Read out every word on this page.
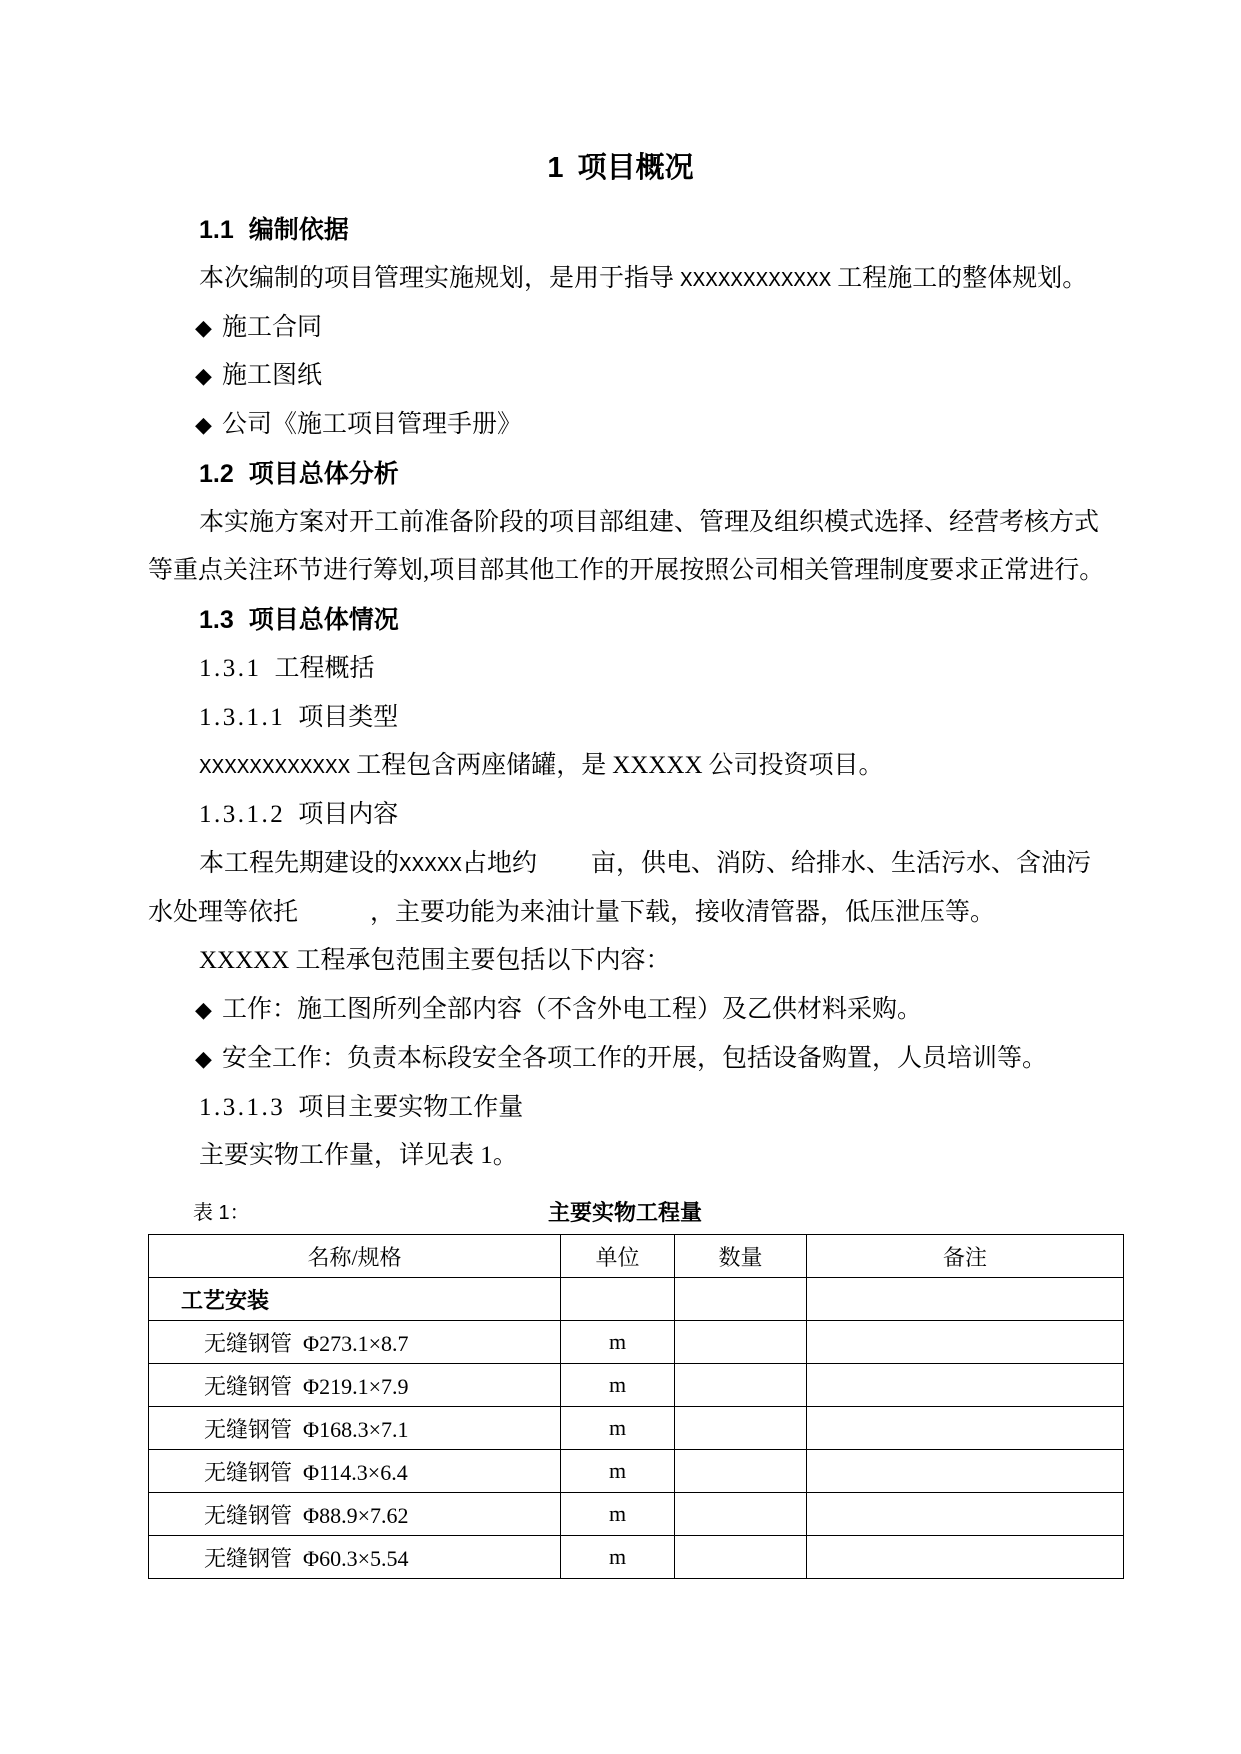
1 项目概况
1.1 编制依据
本次编制的项目管理实施规划，是用于指导 XXXXXXXXXXXX 工程施工的整体规划。
◆ 施工合同
◆ 施工图纸
◆ 公司《施工项目管理手册》
1.2 项目总体分析
本实施方案对开工前准备阶段的项目部组建、管理及组织模式选择、经营考核方式
等重点关注环节进行筹划,项目部其他工作的开展按照公司相关管理制度要求正常进行。
1.3 项目总体情况
1.3.1 工程概括
1.3.1.1 项目类型
XXXXXXXXXXXX 工程包含两座储罐，是 XXXXX 公司投资项目。
1.3.1.2 项目内容
本工程先期建设的XXXXX占地约 亩，供电、消防、给排水、生活污水、含油污
水处理等依托	，主要功能为来油计量下载，接收清管器，低压泄压等。
XXXXX 工程承包范围主要包括以下内容：
◆ 工作：施工图所列全部内容（不含外电工程）及乙供材料采购。
◆ 安全工作：负责本标段安全各项工作的开展，包括设备购置，人员培训等。
1.3.1.3 项目主要实物工作量
主要实物工作量，详见表 1。
表 1：	主要实物工程量
名称/规格	单位	数量	备注
工艺安装			
无缝钢管 Φ273.1×8.7	m		
无缝钢管 Φ219.1×7.9	m		
无缝钢管 Φ168.3×7.1	m		
无缝钢管 Φ114.3×6.4	m		
无缝钢管 Φ88.9×7.62	m		
无缝钢管 Φ60.3×5.54	m		
